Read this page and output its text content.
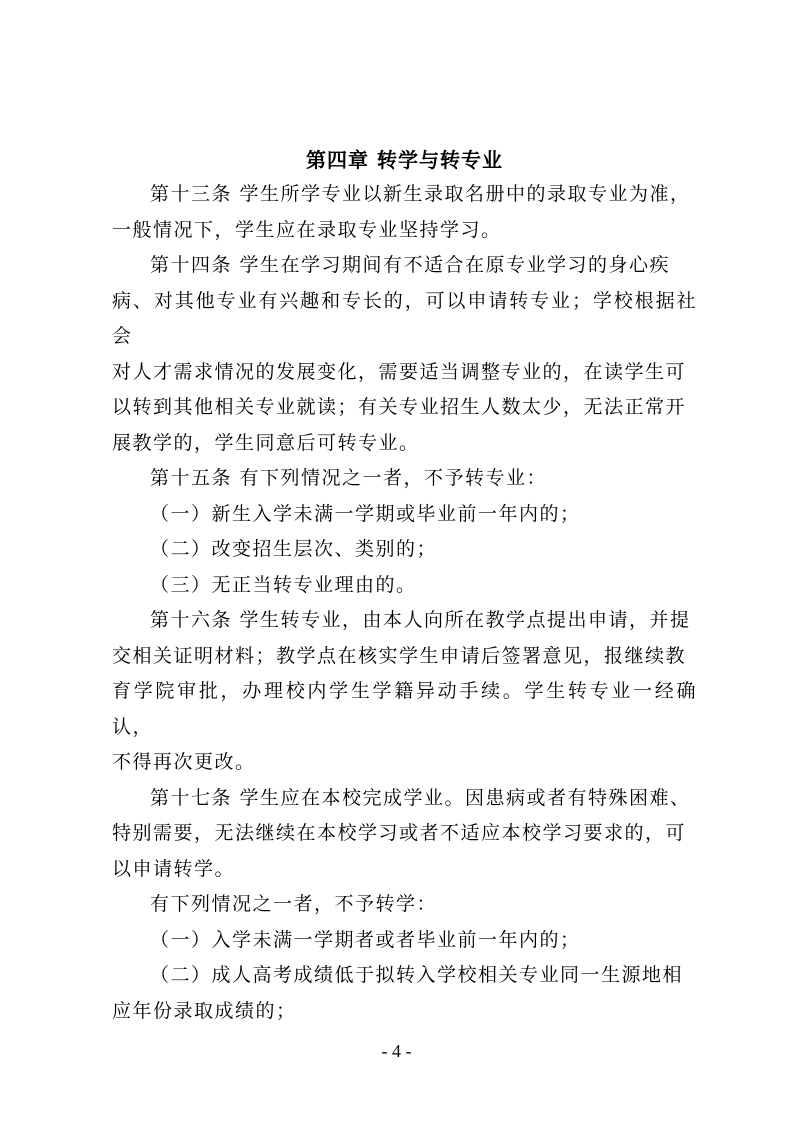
第四章 转学与转专业

第十三条 学生所学专业以新生录取名册中的录取专业为准，
一般情况下，学生应在录取专业坚持学习。

第十四条 学生在学习期间有不适合在原专业学习的身心疾
病、对其他专业有兴趣和专长的，可以申请转专业；学校根据社会
对人才需求情况的发展变化，需要适当调整专业的，在读学生可
以转到其他相关专业就读；有关专业招生人数太少，无法正常开
展教学的，学生同意后可转专业。

第十五条 有下列情况之一者，不予转专业：

（一）新生入学未满一学期或毕业前一年内的；

（二）改变招生层次、类别的；

（三）无正当转专业理由的。

第十六条 学生转专业，由本人向所在教学点提出申请，并提
交相关证明材料；教学点在核实学生申请后签署意见，报继续教
育学院审批，办理校内学生学籍异动手续。学生转专业一经确认，
不得再次更改。

第十七条 学生应在本校完成学业。因患病或者有特殊困难、
特别需要，无法继续在本校学习或者不适应本校学习要求的，可
以申请转学。

有下列情况之一者，不予转学：

（一）入学未满一学期者或者毕业前一年内的；

（二）成人高考成绩低于拟转入学校相关专业同一生源地相
应年份录取成绩的；

- 4 -
